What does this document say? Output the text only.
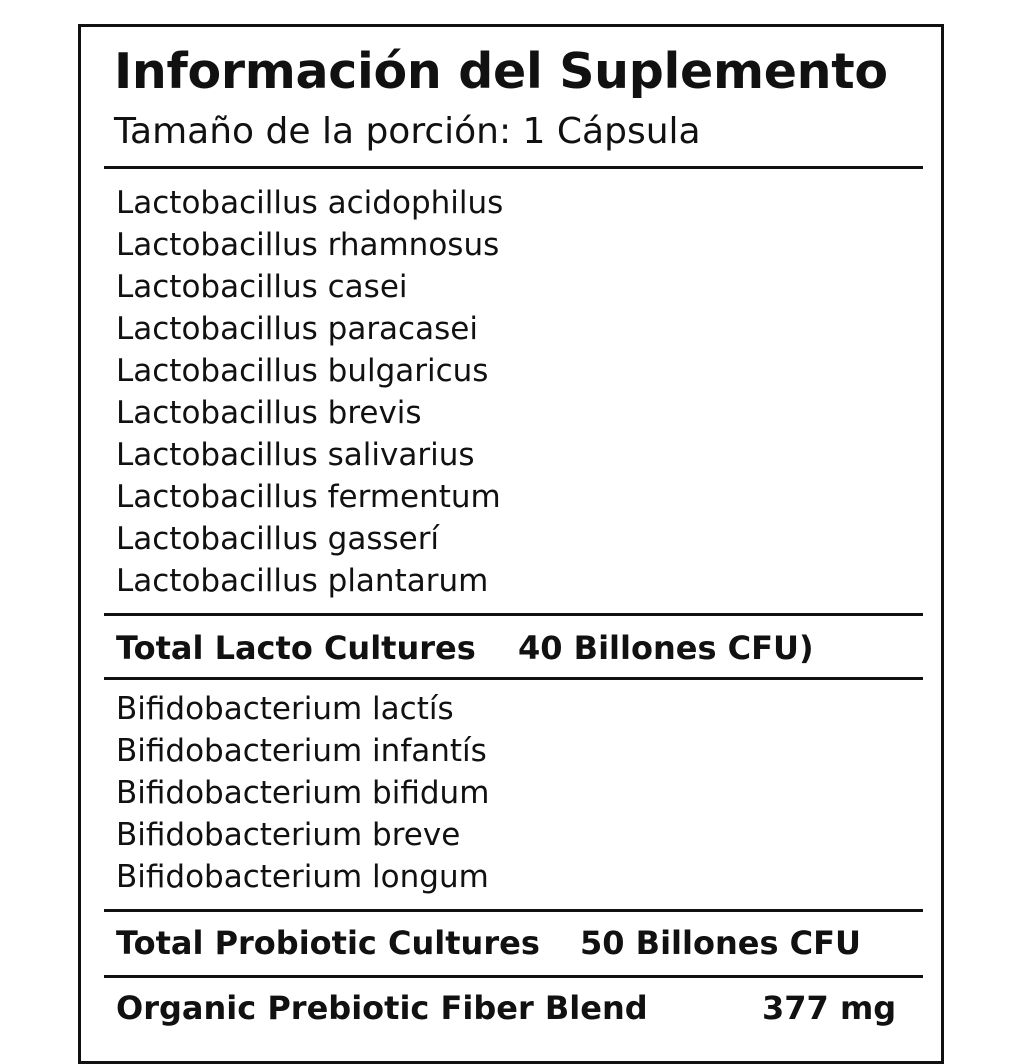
Información del Suplemento
Tamaño de la porción: 1 Cápsula
Lactobacillus acidophilus
Lactobacillus rhamnosus
Lactobacillus casei
Lactobacillus paracasei
Lactobacillus bulgaricus
Lactobacillus brevis
Lactobacillus salivarius
Lactobacillus fermentum
Lactobacillus gasserí
Lactobacillus plantarum
Total Lacto Cultures 40 Billones CFU)
Bifidobacterium lactís
Bifidobacterium infantís
Bifidobacterium bifidum
Bifidobacterium breve
Bifidobacterium longum
Total Probiotic Cultures 50 Billones CFU
Organic Prebiotic Fiber Blend	377 mg
